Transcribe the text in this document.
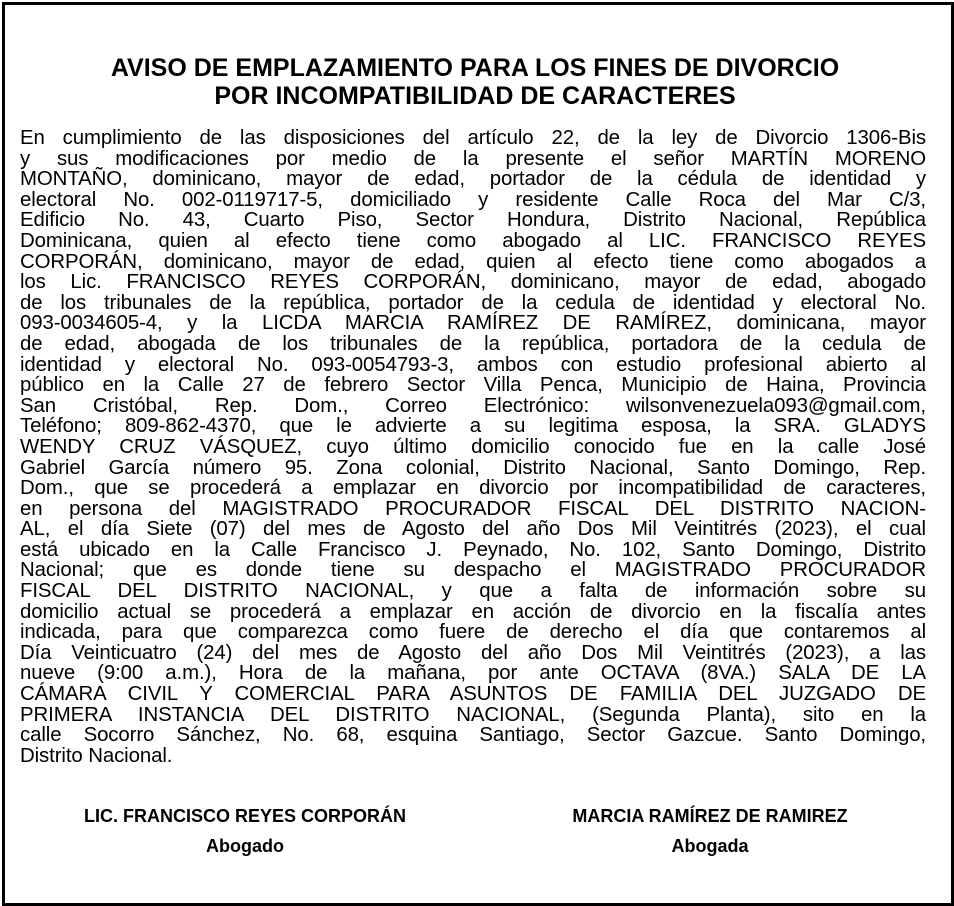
AVISO DE EMPLAZAMIENTO PARA LOS FINES DE DIVORCIO
POR INCOMPATIBILIDAD DE CARACTERES
En cumplimiento de las disposiciones del artículo 22, de la ley de Divorcio 1306-Bis
y sus modificaciones por medio de la presente el señor MARTÍN MORENO
MONTAÑO, dominicano, mayor de edad, portador de la cédula de identidad y
electoral No. 002-0119717-5, domiciliado y residente Calle Roca del Mar C/3,
Edificio No. 43, Cuarto Piso, Sector Hondura, Distrito Nacional, República
Dominicana, quien al efecto tiene como abogado al LIC. FRANCISCO REYES
CORPORÁN, dominicano, mayor de edad, quien al efecto tiene como abogados a
los Lic. FRANCISCO REYES CORPORÁN, dominicano, mayor de edad, abogado
de los tribunales de la república, portador de la cedula de identidad y electoral No.
093-0034605-4, y la LICDA MARCIA RAMÍREZ DE RAMÍREZ, dominicana, mayor
de edad, abogada de los tribunales de la república, portadora de la cedula de
identidad y electoral No. 093-0054793-3, ambos con estudio profesional abierto al
público en la Calle 27 de febrero Sector Villa Penca, Municipio de Haina, Provincia
San Cristóbal, Rep. Dom., Correo Electrónico: wilsonvenezuela093@gmail.com,
Teléfono; 809-862-4370, que le advierte a su legitima esposa, la SRA. GLADYS
WENDY CRUZ VÁSQUEZ, cuyo último domicilio conocido fue en la calle José
Gabriel García número 95. Zona colonial, Distrito Nacional, Santo Domingo, Rep.
Dom., que se procederá a emplazar en divorcio por incompatibilidad de caracteres,
en persona del MAGISTRADO PROCURADOR FISCAL DEL DISTRITO NACION-
AL, el día Siete (07) del mes de Agosto del año Dos Mil Veintitrés (2023), el cual
está ubicado en la Calle Francisco J. Peynado, No. 102, Santo Domingo, Distrito
Nacional; que es donde tiene su despacho el MAGISTRADO PROCURADOR
FISCAL DEL DISTRITO NACIONAL, y que a falta de información sobre su
domicilio actual se procederá a emplazar en acción de divorcio en la fiscalía antes
indicada, para que comparezca como fuere de derecho el día que contaremos al
Día Veinticuatro (24) del mes de Agosto del año Dos Mil Veintitrés (2023), a las
nueve (9:00 a.m.), Hora de la mañana, por ante OCTAVA (8VA.) SALA DE LA
CÁMARA CIVIL Y COMERCIAL PARA ASUNTOS DE FAMILIA DEL JUZGADO DE
PRIMERA INSTANCIA DEL DISTRITO NACIONAL, (Segunda Planta), sito en la
calle Socorro Sánchez, No. 68, esquina Santiago, Sector Gazcue. Santo Domingo,
Distrito Nacional.
LIC. FRANCISCO REYES CORPORÁN
Abogado
MARCIA RAMÍREZ DE RAMIREZ
Abogada
